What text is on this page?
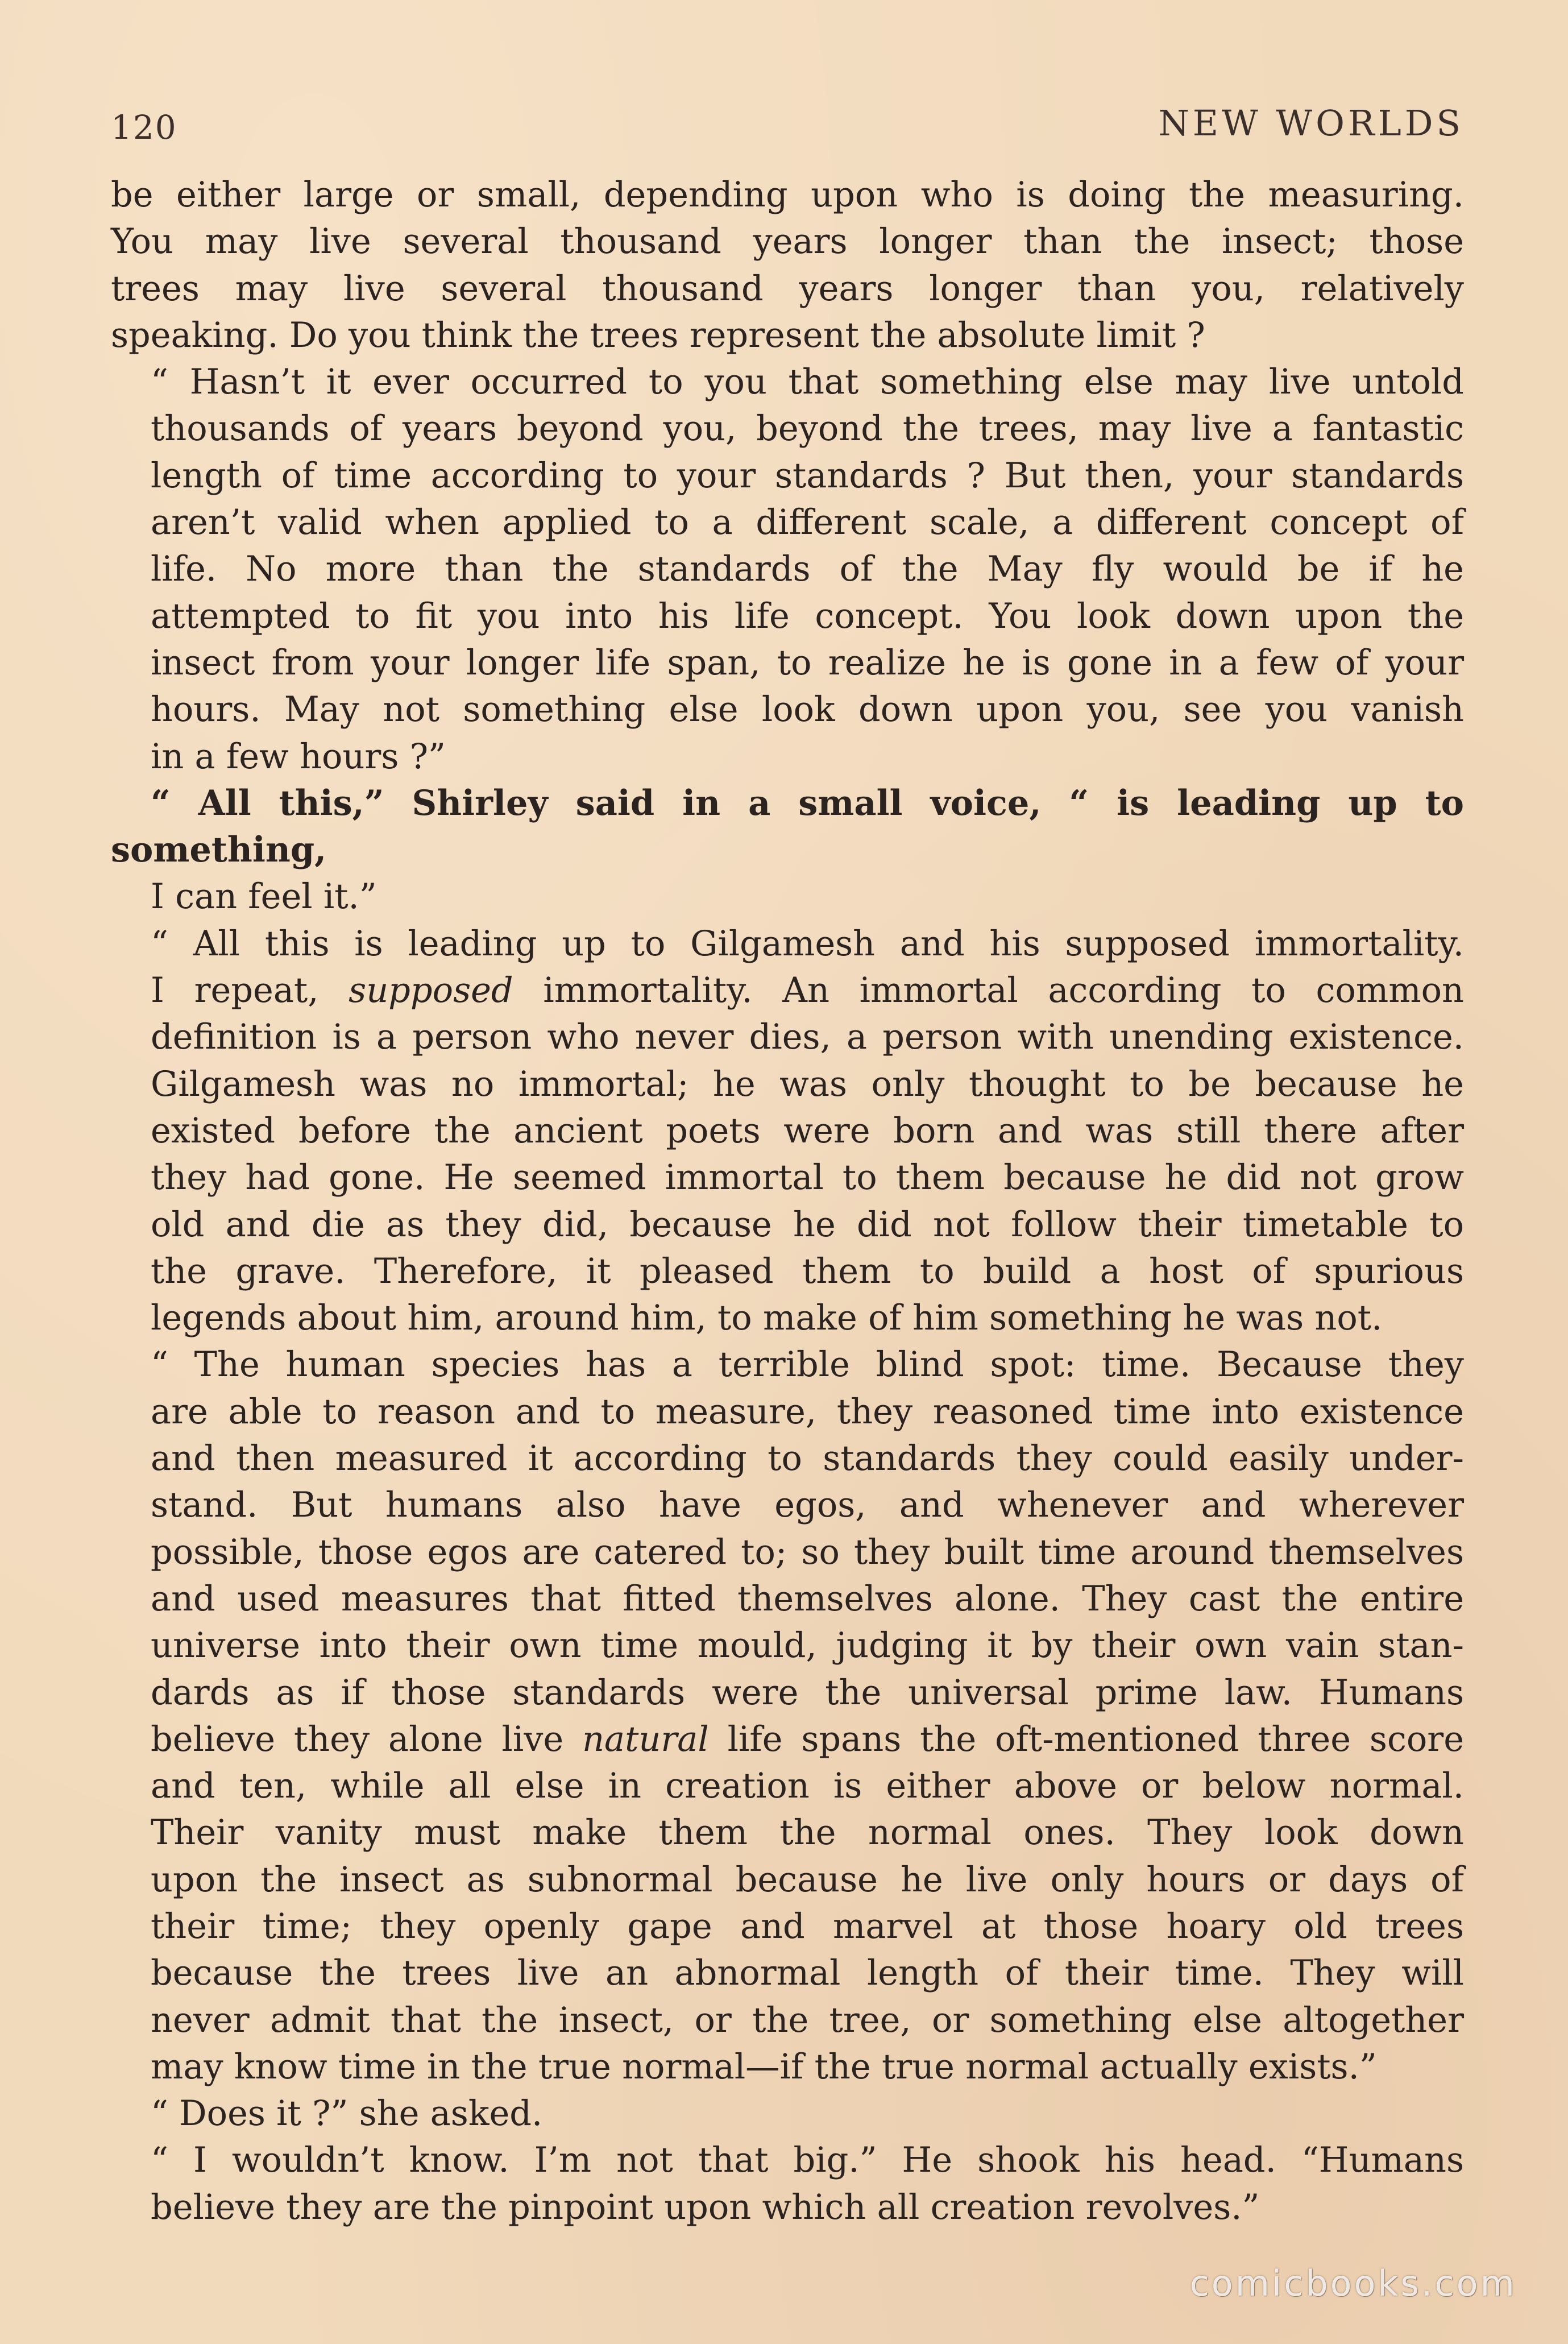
120	NEW WORLDS

be either large or small, depending upon who is doing the measuring.
You may live several thousand years longer than the insect; those
trees may live several thousand years longer than you, relatively
speaking. Do you think the trees represent the absolute limit ?

“ Hasn’t it ever occurred to you that something else may live untold
thousands of years beyond you, beyond the trees, may live a fantastic
length of time according to your standards ? But then, your standards
aren’t valid when applied to a different scale, a different concept of
life. No more than the standards of the May fly would be if he
attempted to fit you into his life concept. You look down upon the
insect from your longer life span, to realize he is gone in a few of your
hours. May not something else look down upon you, see you vanish
in a few hours ?”

“ All this,” Shirley said in a small voice, “ is leading up to something,
I can feel it.”

“ All this is leading up to Gilgamesh and his supposed immortality.
I repeat, supposed immortality. An immortal according to common
definition is a person who never dies, a person with unending existence.
Gilgamesh was no immortal; he was only thought to be because he
existed before the ancient poets were born and was still there after
they had gone. He seemed immortal to them because he did not grow
old and die as they did, because he did not follow their timetable to
the grave. Therefore, it pleased them to build a host of spurious
legends about him, around him, to make of him something he was not.

“ The human species has a terrible blind spot: time. Because they
are able to reason and to measure, they reasoned time into existence
and then measured it according to standards they could easily under-
stand. But humans also have egos, and whenever and wherever
possible, those egos are catered to; so they built time around themselves
and used measures that fitted themselves alone. They cast the entire
universe into their own time mould, judging it by their own vain stan-
dards as if those standards were the universal prime law. Humans
believe they alone live natural life spans the oft-mentioned three score
and ten, while all else in creation is either above or below normal.
Their vanity must make them the normal ones. They look down
upon the insect as subnormal because he live only hours or days of
their time; they openly gape and marvel at those hoary old trees
because the trees live an abnormal length of their time. They will
never admit that the insect, or the tree, or something else altogether
may know time in the true normal—if the true normal actually exists.”

“ Does it ?” she asked.

“ I wouldn’t know. I’m not that big.” He shook his head. “Humans
believe they are the pinpoint upon which all creation revolves.”

comicbooks.com
